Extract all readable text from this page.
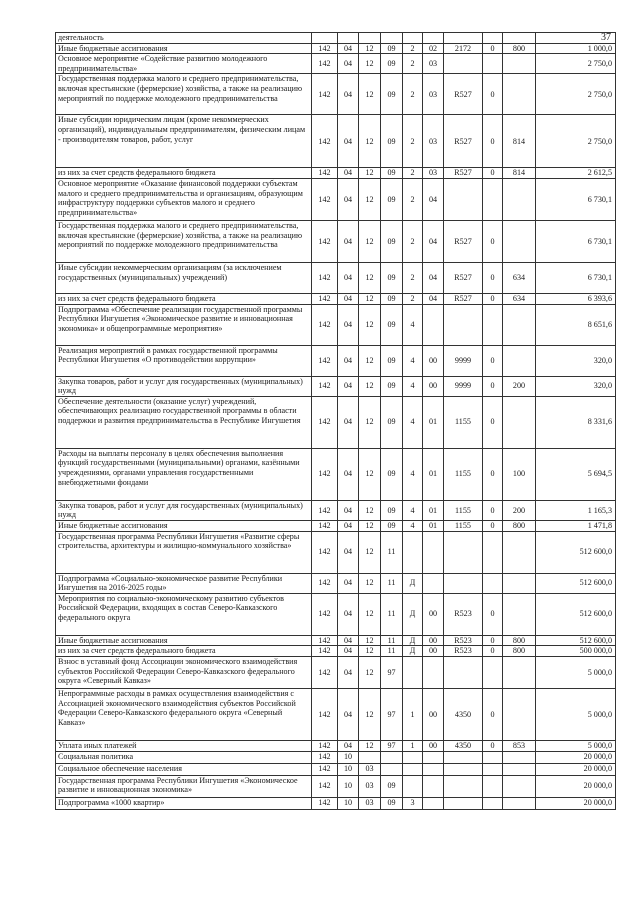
37
деятельность										
Иные бюджетные ассигнования	142	04	12	09	2	02	2172	0	800	1 000,0
Основное мероприятие «Содействие развитию молодежного предпринимательства»	142	04	12	09	2	03				2 750,0
Государственная поддержка малого и среднего предпринимательства, включая крестьянские (фермерские) хозяйства, а также на реализацию мероприятий по поддержке молодежного предпринимательства	142	04	12	09	2	03	R527	0		2 750,0
Иные субсидии юридическим лицам (кроме некоммерческих организаций), индивидуальным предпринимателям, физическим лицам - производителям товаров, работ, услуг	142	04	12	09	2	03	R527	0	814	2 750,0
из них за счет средств федерального бюджета	142	04	12	09	2	03	R527	0	814	2 612,5
Основное мероприятие «Оказание финансовой поддержки субъектам малого и среднего предпринимательства и организациям, образующим инфраструктуру поддержки субъектов малого и среднего предпринимательства»	142	04	12	09	2	04				6 730,1
Государственная поддержка малого и среднего предпринимательства, включая крестьянские (фермерские) хозяйства, а также на реализацию мероприятий по поддержке молодежного предпринимательства	142	04	12	09	2	04	R527	0		6 730,1
Иные субсидии некоммерческим организациям (за исключением государственных (муниципальных) учреждений)	142	04	12	09	2	04	R527	0	634	6 730,1
из них за счет средств федерального бюджета	142	04	12	09	2	04	R527	0	634	6 393,6
Подпрограмма «Обеспечение реализации государственной программы Республики Ингушетия «Экономическое развитие и инновационная экономика» и общепрограммные мероприятия»	142	04	12	09	4					8 651,6
Реализация мероприятий в рамках государственной программы Республики Ингушетия «О противодействии коррупции»	142	04	12	09	4	00	9999	0		320,0
Закупка товаров, работ и услуг для государственных (муниципальных) нужд	142	04	12	09	4	00	9999	0	200	320,0
Обеспечение деятельности (оказание услуг) учреждений, обеспечивающих реализацию государственной программы в области поддержки и развития предпринимательства в Республике Ингушетия	142	04	12	09	4	01	1155	0		8 331,6
Расходы на выплаты персоналу в целях обеспечения выполнения функций государственными (муниципальными) органами, казёнными учреждениями, органами управления государственными внебюджетными фондами	142	04	12	09	4	01	1155	0	100	5 694,5
Закупка товаров, работ и услуг для государственных (муниципальных) нужд	142	04	12	09	4	01	1155	0	200	1 165,3
Иные бюджетные ассигнования	142	04	12	09	4	01	1155	0	800	1 471,8
Государственная программа Республики Ингушетия «Развитие сферы строительства, архитектуры и жилищно-коммунального хозяйства»	142	04	12	11						512 600,0
Подпрограмма «Социально-экономическое развитие Республики Ингушетия на 2016-2025 годы»	142	04	12	11	Д					512 600,0
Мероприятия по социально-экономическому развитию субъектов Российской Федерации, входящих в состав Северо-Кавказского федерального округа	142	04	12	11	Д	00	R523	0		512 600,0
Иные бюджетные ассигнования	142	04	12	11	Д	00	R523	0	800	512 600,0
из них за счет средств федерального бюджета	142	04	12	11	Д	00	R523	0	800	500 000,0
Взнос в уставный фонд Ассоциации экономического взаимодействия субъектов Российской Федерации Северо-Кавказского федерального округа «Северный Кавказ»	142	04	12	97						5 000,0
Непрограммные расходы в рамках осуществления взаимодействия с Ассоциацией экономического взаимодействия субъектов Российской Федерации Северо-Кавказского федерального округа «Северный Кавказ»	142	04	12	97	1	00	4350	0		5 000,0
Уплата иных платежей	142	04	12	97	1	00	4350	0	853	5 000,0
Социальная политика	142	10								20 000,0
Социальное обеспечение населения	142	10	03							20 000,0
Государственная программа Республики Ингушетия «Экономическое развитие и инновационная экономика»	142	10	03	09						20 000,0
Подпрограмма «1000 квартир»	142	10	03	09	3					20 000,0
